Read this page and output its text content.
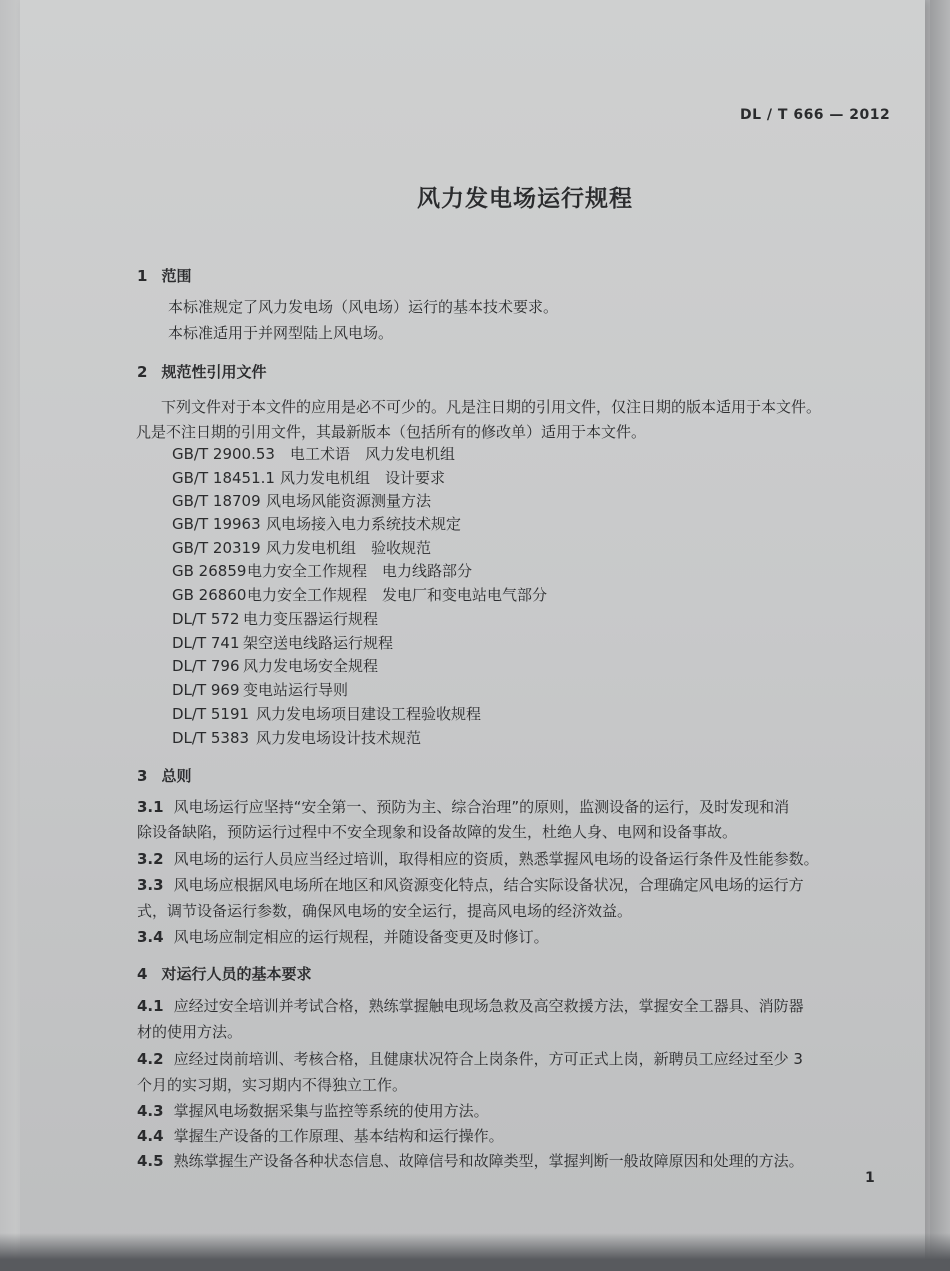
DL / T 666 — 2012
风力发电场运行规程
1 范围
本标准规定了风力发电场（风电场）运行的基本技术要求。
本标准适用于并网型陆上风电场。
2 规范性引用文件
下列文件对于本文件的应用是必不可少的。凡是注日期的引用文件，仅注日期的版本适用于本文件。
凡是不注日期的引用文件，其最新版本（包括所有的修改单）适用于本文件。
GB/T 2900.53 电工术语　风力发电机组
GB/T 18451.1 风力发电机组　设计要求
GB/T 18709 风电场风能资源测量方法
GB/T 19963 风电场接入电力系统技术规定
GB/T 20319 风力发电机组　验收规范
GB 26859电力安全工作规程　电力线路部分
GB 26860电力安全工作规程　发电厂和变电站电气部分
DL/T 572 电力变压器运行规程
DL/T 741 架空送电线路运行规程
DL/T 796 风力发电场安全规程
DL/T 969 变电站运行导则
DL/T 5191 风力发电场项目建设工程验收规程
DL/T 5383 风力发电场设计技术规范
3 总则
3.1 风电场运行应坚持“安全第一、预防为主、综合治理”的原则，监测设备的运行，及时发现和消
除设备缺陷，预防运行过程中不安全现象和设备故障的发生，杜绝人身、电网和设备事故。
3.2 风电场的运行人员应当经过培训，取得相应的资质，熟悉掌握风电场的设备运行条件及性能参数。
3.3 风电场应根据风电场所在地区和风资源变化特点，结合实际设备状况，合理确定风电场的运行方
式，调节设备运行参数，确保风电场的安全运行，提高风电场的经济效益。
3.4 风电场应制定相应的运行规程，并随设备变更及时修订。
4 对运行人员的基本要求
4.1 应经过安全培训并考试合格，熟练掌握触电现场急救及高空救援方法，掌握安全工器具、消防器
材的使用方法。
4.2 应经过岗前培训、考核合格，且健康状况符合上岗条件，方可正式上岗，新聘员工应经过至少 3
个月的实习期，实习期内不得独立工作。
4.3 掌握风电场数据采集与监控等系统的使用方法。
4.4 掌握生产设备的工作原理、基本结构和运行操作。
4.5 熟练掌握生产设备各种状态信息、故障信号和故障类型，掌握判断一般故障原因和处理的方法。
1
